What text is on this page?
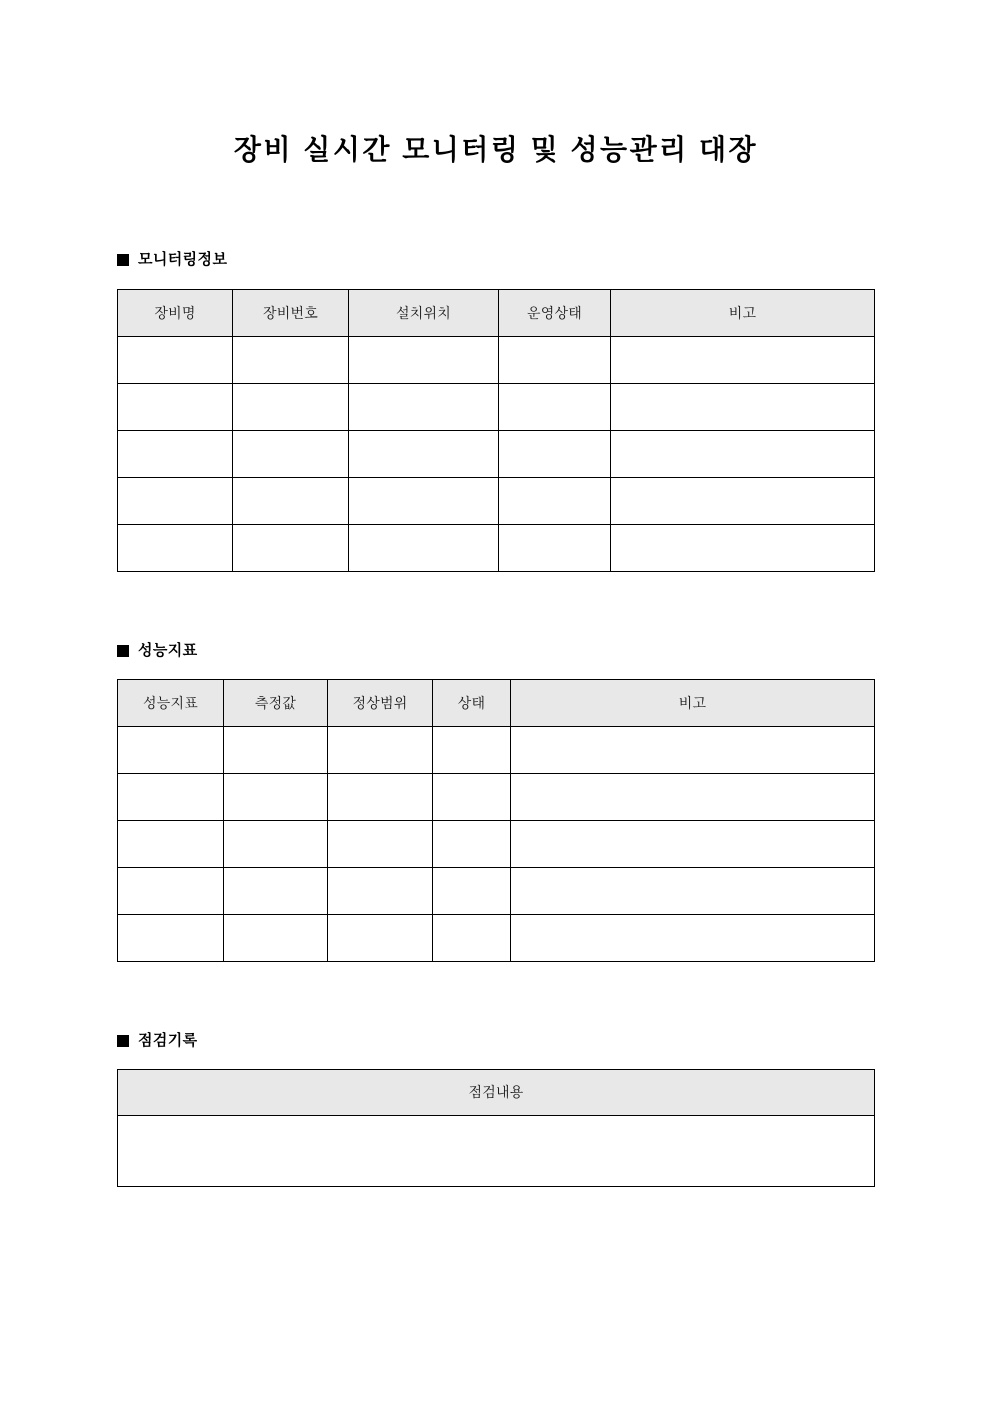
장비 실시간 모니터링 및 성능관리 대장
모니터링정보
장비명	장비번호	설치위치	운영상태	비고

성능지표
성능지표	측정값	정상범위	상태	비고

점검기록
점검내용
